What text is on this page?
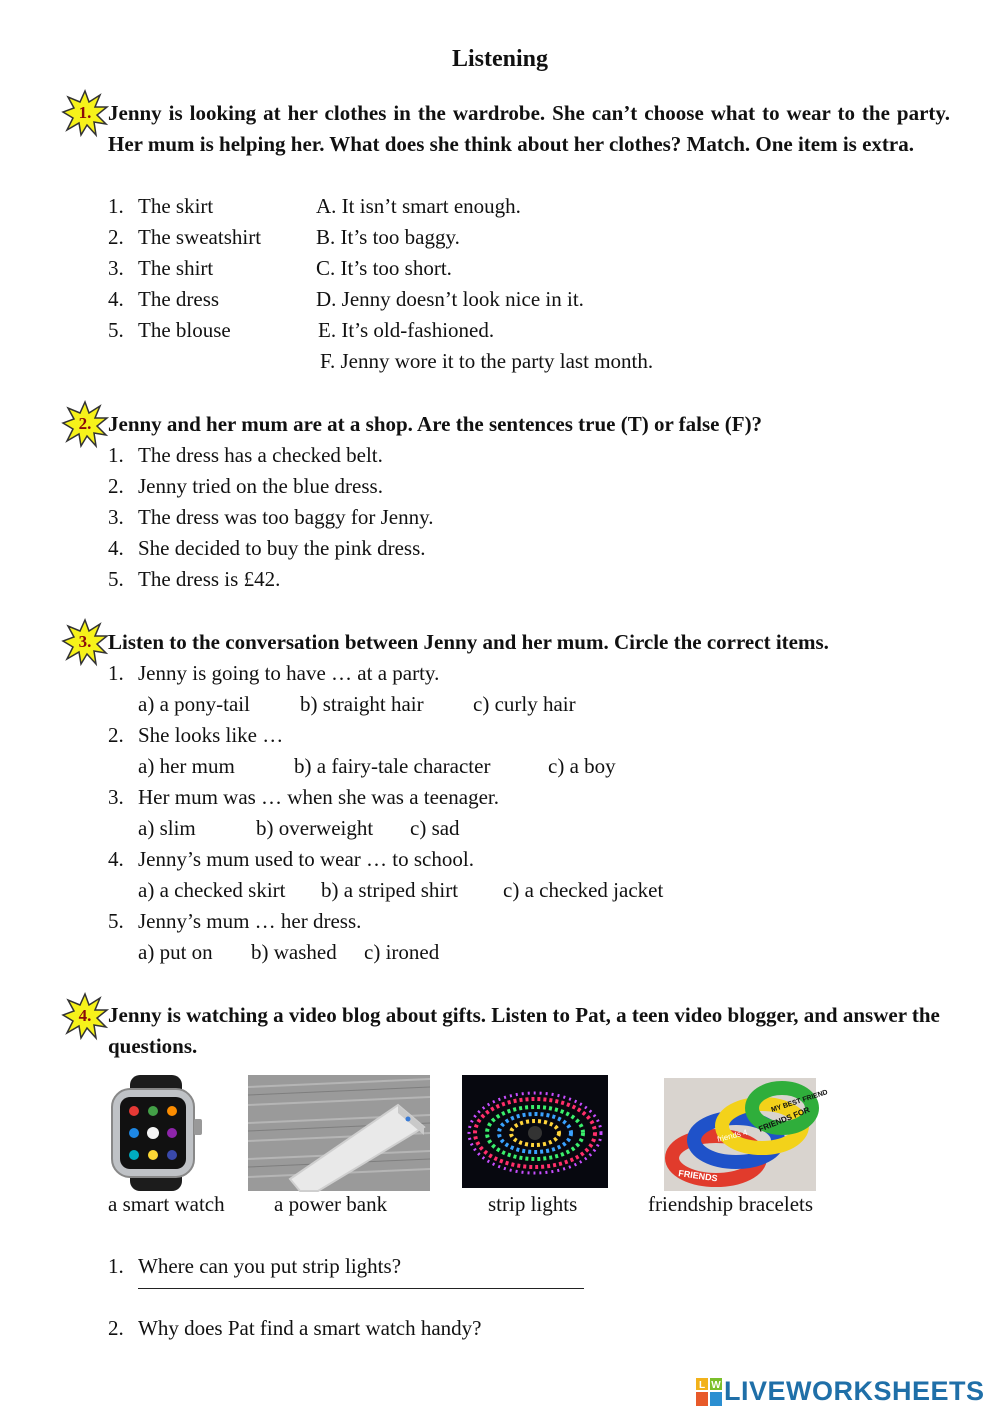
Listening
1. Jenny is looking at her clothes in the wardrobe. She can’t choose what to wear to the party. Her mum is helping her. What does she think about her clothes? Match. One item is extra.
1. The skirt
2. The sweatshirt
3. The shirt
4. The dress
5. The blouse
A. It isn’t smart enough.
B. It’s too baggy.
C. It’s too short.
D. Jenny doesn’t look nice in it.
E. It’s old-fashioned.
F. Jenny wore it to the party last month.
2. Jenny and her mum are at a shop. Are the sentences true (T) or false (F)?
1. The dress has a checked belt.
2. Jenny tried on the blue dress.
3. The dress was too baggy for Jenny.
4. She decided to buy the pink dress.
5. The dress is £42.
3. Listen to the conversation between Jenny and her mum. Circle the correct items.
1. Jenny is going to have … at a party.
a) a pony-tail b) straight hair c) curly hair
2. She looks like …
a) her mum	b) a fairy-tale character	c) a boy
3. Her mum was … when she was a teenager.
a) slim	b) overweight c) sad
4. Jenny’s mum used to wear … to school.
a) a checked skirt b) a striped shirt c) a checked jacket
5. Jenny’s mum … her dress.
a) put on b) washed c) ironed
4. Jenny is watching a video blog about gifts. Listen to Pat, a teen video blogger, and answer the questions.
FRIENDS FOR
MY BEST FRIEND
friends 4
FRIENDS
a smart watch a power bank	strip lights	friendship bracelets
1. Where can you put strip lights?
2. Why does Pat find a smart watch handy?
L W LIVEWORKSHEETS
